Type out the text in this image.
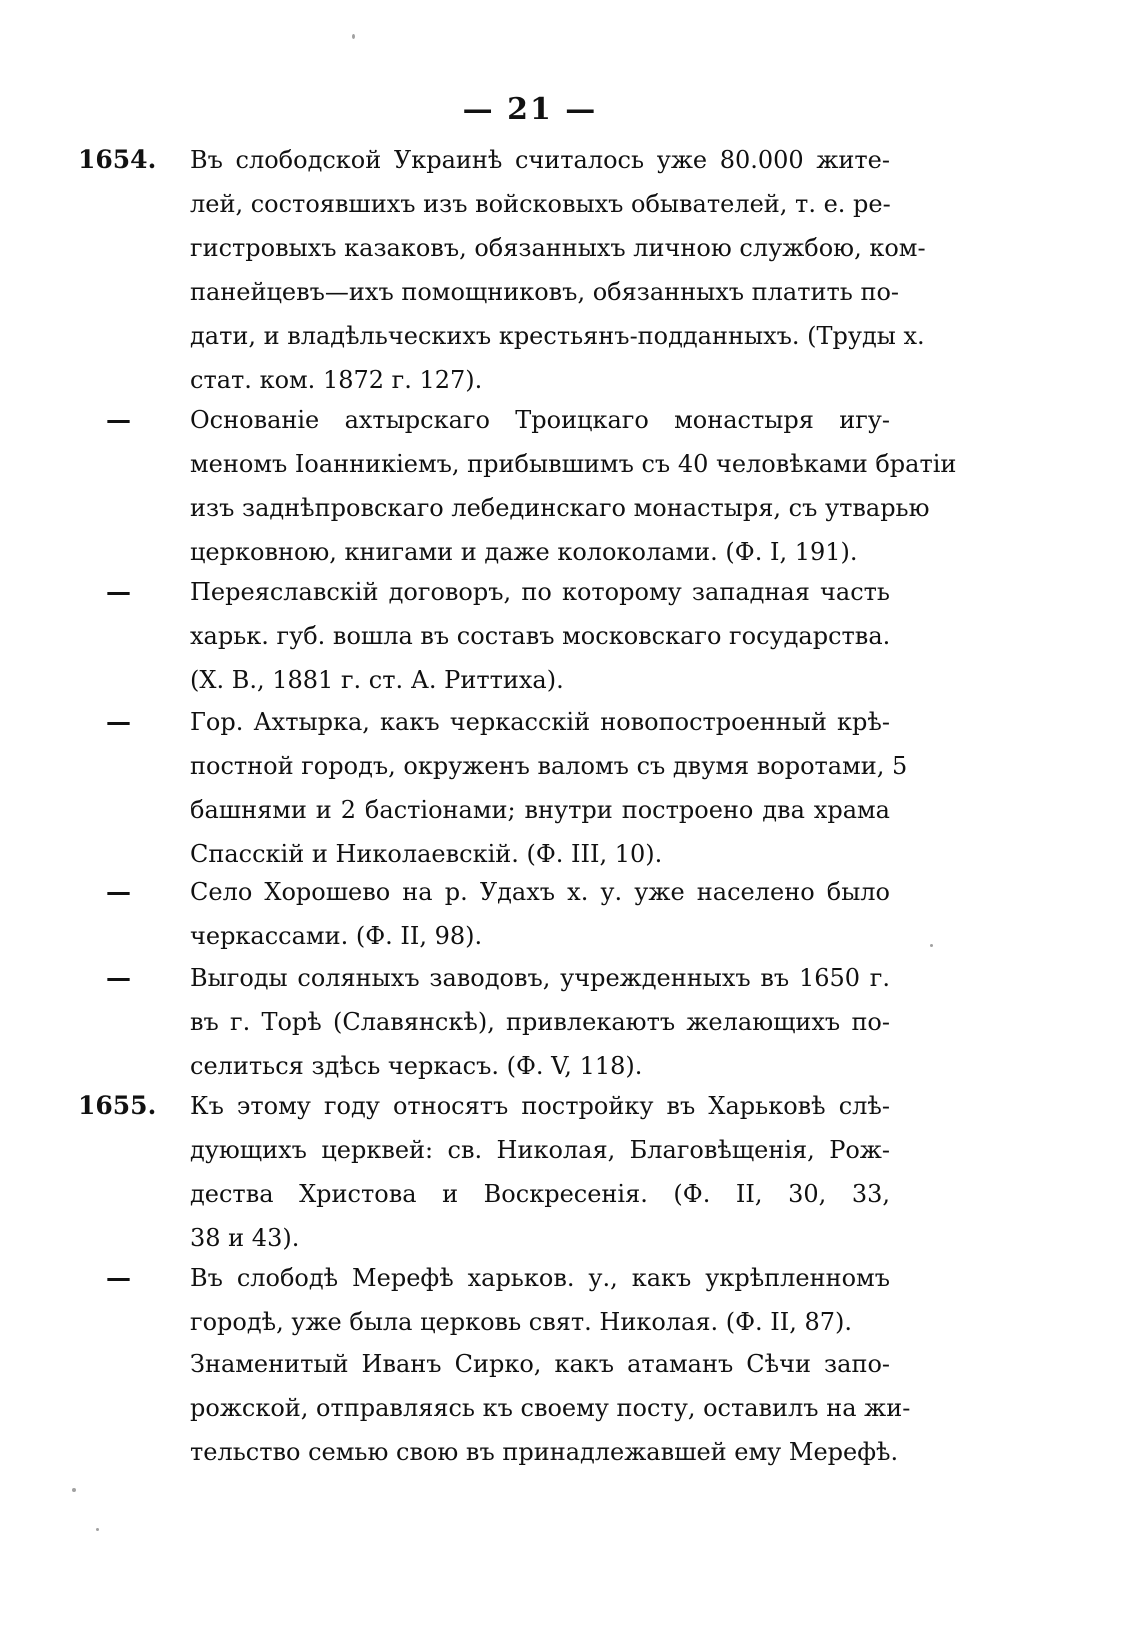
— 21 —
1654.	Въ слободской Украинѣ считалось уже 80.000 жите-
лей, состоявшихъ изъ войсковыхъ обывателей, т. е. ре-
гистровыхъ казаковъ, обязанныхъ личною службою, ком-
панейцевъ—ихъ помощниковъ, обязанныхъ платить по-
дати, и владѣльческихъ крестьянъ-подданныхъ. (Труды х.
стат. ком. 1872 г. 127).
—	Основаніе ахтырскаго Троицкаго монастыря игу-
меномъ Іоанникіемъ, прибывшимъ съ 40 человѣками братіи
изъ заднѣпровскаго лебединскаго монастыря, съ утварью
церковною, книгами и даже колоколами. (Ф. I, 191).
—	Переяславскій договоръ, по которому западная часть
харьк. губ. вошла въ составъ московскаго государства.
(Х. В., 1881 г. ст. А. Риттиха).
—	Гор. Ахтырка, какъ черкасскій новопостроенный крѣ-
постной городъ, окруженъ валомъ съ двумя воротами, 5
башнями и 2 бастіонами; внутри построено два храма
Спасскій и Николаевскій. (Ф. III, 10).
—	Село Хорошево на р. Удахъ х. у. уже населено было
черкассами. (Ф. II, 98).
—	Выгоды соляныхъ заводовъ, учрежденныхъ въ 1650 г.
въ г. Торѣ (Славянскѣ), привлекаютъ желающихъ по-
селиться здѣсь черкасъ. (Ф. V, 118).
1655.	Къ этому году относятъ постройку въ Харьковѣ слѣ-
дующихъ церквей: св. Николая, Благовѣщенія, Рож-
дества Христова и Воскресенія. (Ф. II, 30, 33,
38 и 43).
—	Въ слободѣ Мерефѣ харьков. у., какъ укрѣпленномъ
городѣ, уже была церковь свят. Николая. (Ф. II, 87).
Знаменитый Иванъ Сирко, какъ атаманъ Сѣчи запо-
рожской, отправляясь къ своему посту, оставилъ на жи-
тельство семью свою въ принадлежавшей ему Мерефѣ.
